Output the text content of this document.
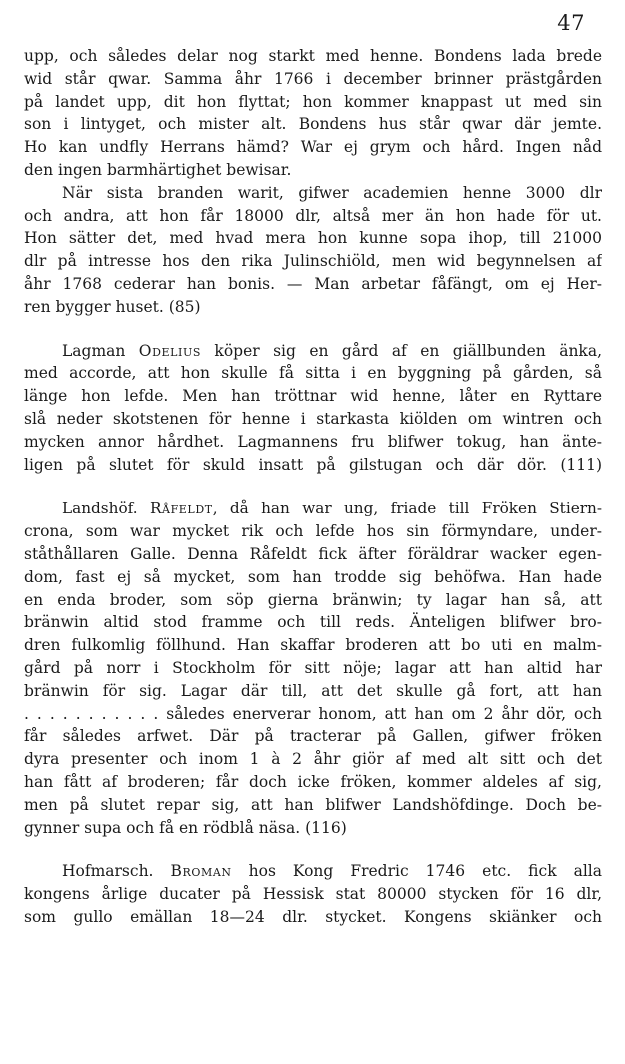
47
upp, och således delar nog starkt med henne. Bondens lada brede
wid står qwar. Samma åhr 1766 i december brinner prästgården
på landet upp, dit hon flyttat; hon kommer knappast ut med sin
son i lintyget, och mister alt. Bondens hus står qwar där jemte.
Ho kan undfly Herrans hämd? War ej grym och hård. Ingen nåd
den ingen barmhärtighet bewisar.
När sista branden warit, gifwer academien henne 3000 dlr
och andra, att hon får 18000 dlr, altså mer än hon hade för ut.
Hon sätter det, med hvad mera hon kunne sopa ihop, till 21000
dlr på intresse hos den rika Julinschiöld, men wid begynnelsen af
åhr 1768 cederar han bonis. — Man arbetar fåfängt, om ej Her-
ren bygger huset. (85)
Lagman Odelius köper sig en gård af en giällbunden änka,
med accorde, att hon skulle få sitta i en byggning på gården, så
länge hon lefde. Men han tröttnar wid henne, låter en Ryttare
slå neder skotstenen för henne i starkasta kiölden om wintren och
mycken annor hårdhet. Lagmannens fru blifwer tokug, han änte-
ligen på slutet för skuld insatt på gilstugan och där dör. (111)
Landshöf. Råfeldt, då han war ung, friade till Fröken Stiern-
crona, som war mycket rik och lefde hos sin förmyndare, under-
ståthållaren Galle. Denna Råfeldt fick äfter föräldrar wacker egen-
dom, fast ej så mycket, som han trodde sig behöfwa. Han hade
en enda broder, som söp gierna bränwin; ty lagar han så, att
bränwin altid stod framme och till reds. Änteligen blifwer bro-
dren fulkomlig föllhund. Han skaffar broderen att bo uti en malm-
gård på norr i Stockholm för sitt nöje; lagar att han altid har
bränwin för sig. Lagar där till, att det skulle gå fort, att han
. . . . . . . . . . . således enerverar honom, att han om 2 åhr dör, och
får således arfwet. Där på tracterar på Gallen, gifwer fröken
dyra presenter och inom 1 à 2 åhr giör af med alt sitt och det
han fått af broderen; får doch icke fröken, kommer aldeles af sig,
men på slutet repar sig, att han blifwer Landshöfdinge. Doch be-
gynner supa och få en rödblå näsa. (116)
Hofmarsch. Broman hos Kong Fredric 1746 etc. fick alla
kongens årlige ducater på Hessisk stat 80000 stycken för 16 dlr,
som gullo emällan 18—24 dlr. stycket. Kongens skiänker och
